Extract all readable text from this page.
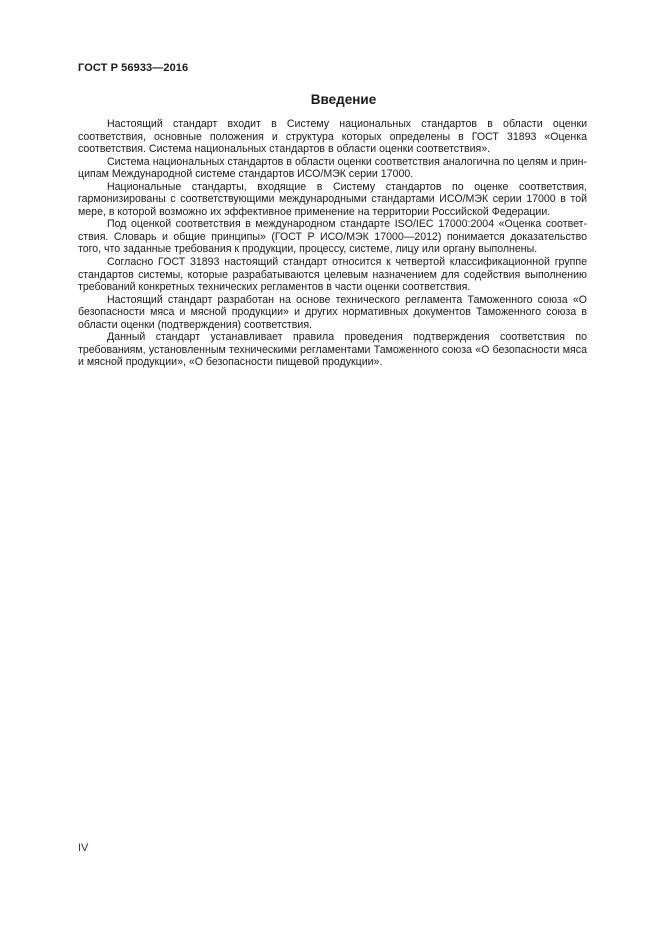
ГОСТ Р 56933—2016
Введение

Настоящий стандарт входит в Систему национальных стандартов в области оценки соответствия, основные положения и структура которых определены в ГОСТ 31893 «Оценка соответствия. Система национальных стандартов в области оценки соответствия».

Система национальных стандартов в области оценки соответствия аналогична по целям и принципам Международной системе стандартов ИСО/МЭК серии 17000.

Национальные стандарты, входящие в Систему стандартов по оценке соответствия, гармонизированы с соответствующими международными стандартами ИСО/МЭК серии 17000 в той мере, в которой возможно их эффективное применение на территории Российской Федерации.

Под оценкой соответствия в международном стандарте ISO/IEC 17000:2004 «Оценка соответствия. Словарь и общие принципы» (ГОСТ Р ИСО/МЭК 17000—2012) понимается доказательство того, что заданные требования к продукции, процессу, системе, лицу или органу выполнены.

Согласно ГОСТ 31893 настоящий стандарт относится к четвертой классификационной группе стандартов системы, которые разрабатываются целевым назначением для содействия выполнению требований конкретных технических регламентов в части оценки соответствия.

Настоящий стандарт разработан на основе технического регламента Таможенного союза «О безопасности мяса и мясной продукции» и других нормативных документов Таможенного союза в области оценки (подтверждения) соответствия.

Данный стандарт устанавливает правила проведения подтверждения соответствия по требованиям, установленным техническими регламентами Таможенного союза «О безопасности мяса и мясной продукции», «О безопасности пищевой продукции».

IV
